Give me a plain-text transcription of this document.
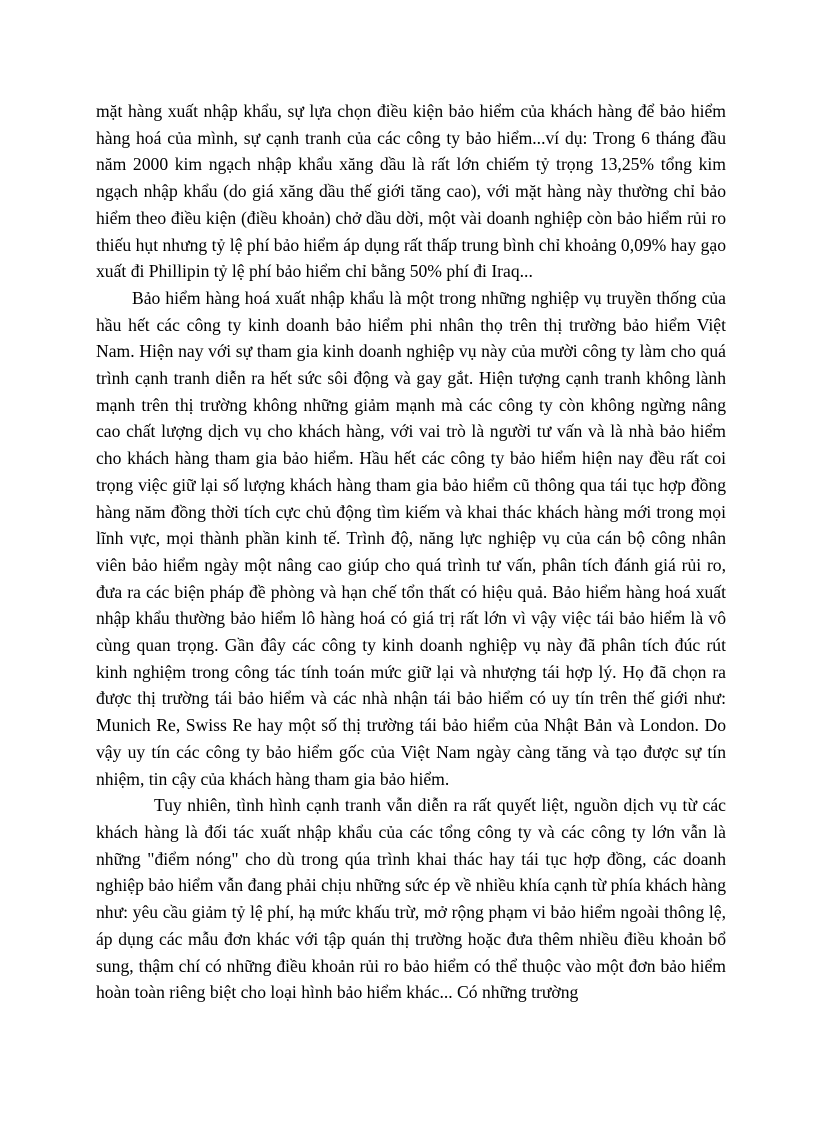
mặt hàng xuất nhập khẩu, sự lựa chọn điều kiện bảo hiểm của khách hàng để bảo hiểm hàng hoá của mình, sự cạnh tranh của các công ty bảo hiểm...ví dụ: Trong 6 tháng đầu năm 2000 kim ngạch nhập khẩu xăng dầu là rất lớn chiếm tỷ trọng 13,25% tổng kim ngạch nhập khẩu (do giá xăng dầu thế giới tăng cao), với mặt hàng này thường chỉ bảo hiểm theo điều kiện (điều khoản) chở dầu dời, một vài doanh nghiệp còn bảo hiểm rủi ro thiếu hụt nhưng tỷ lệ phí bảo hiểm áp dụng rất thấp trung bình chỉ khoảng 0,09% hay gạo xuất đi Phillipin tỷ lệ phí bảo hiểm chỉ bằng 50% phí đi Iraq...

Bảo hiểm hàng hoá xuất nhập khẩu là một trong những nghiệp vụ truyền thống của hầu hết các công ty kinh doanh bảo hiểm phi nhân thọ trên thị trường bảo hiểm Việt Nam. Hiện nay với sự tham gia kinh doanh nghiệp vụ này của mười công ty làm cho quá trình cạnh tranh diễn ra hết sức sôi động và gay gắt. Hiện tượng cạnh tranh không lành mạnh trên thị trường không những giảm mạnh mà các công ty còn không ngừng nâng cao chất lượng dịch vụ cho khách hàng, với vai trò là người tư vấn và là nhà bảo hiểm cho khách hàng tham gia bảo hiểm. Hầu hết các công ty bảo hiểm hiện nay đều rất coi trọng việc giữ lại số lượng khách hàng tham gia bảo hiểm cũ thông qua tái tục hợp đồng hàng năm đồng thời tích cực chủ động tìm kiếm và khai thác khách hàng mới trong mọi lĩnh vực, mọi thành phần kinh tế. Trình độ, năng lực nghiệp vụ của cán bộ công nhân viên bảo hiểm ngày một nâng cao giúp cho quá trình tư vấn, phân tích đánh giá rủi ro, đưa ra các biện pháp đề phòng và hạn chế tổn thất có hiệu quả. Bảo hiểm hàng hoá xuất nhập khẩu thường bảo hiểm lô hàng hoá có giá trị rất lớn vì vậy việc tái bảo hiểm là vô cùng quan trọng. Gần đây các công ty kinh doanh nghiệp vụ này đã phân tích đúc rút kinh nghiệm trong công tác tính toán mức giữ lại và nhượng tái hợp lý. Họ đã chọn ra được thị trường tái bảo hiểm và các nhà nhận tái bảo hiểm có uy tín trên thế giới như: Munich Re, Swiss Re hay một số thị trường tái bảo hiểm của Nhật Bản và London. Do vậy uy tín các công ty bảo hiểm gốc của Việt Nam ngày càng tăng và tạo được sự tín nhiệm, tin cậy của khách hàng tham gia bảo hiểm.

Tuy nhiên, tình hình cạnh tranh vẫn diễn ra rất quyết liệt, nguồn dịch vụ từ các khách hàng là đối tác xuất nhập khẩu của các tổng công ty và các công ty lớn vẫn là những "điểm nóng" cho dù trong qúa trình khai thác hay tái tục hợp đồng, các doanh nghiệp bảo hiểm vẫn đang phải chịu những sức ép về nhiều khía cạnh từ phía khách hàng như: yêu cầu giảm tỷ lệ phí, hạ mức khấu trừ, mở rộng phạm vi bảo hiểm ngoài thông lệ, áp dụng các mẫu đơn khác với tập quán thị trường hoặc đưa thêm nhiều điều khoản bổ sung, thậm chí có những điều khoản rủi ro bảo hiểm có thể thuộc vào một đơn bảo hiểm hoàn toàn riêng biệt cho loại hình bảo hiểm khác... Có những trường
